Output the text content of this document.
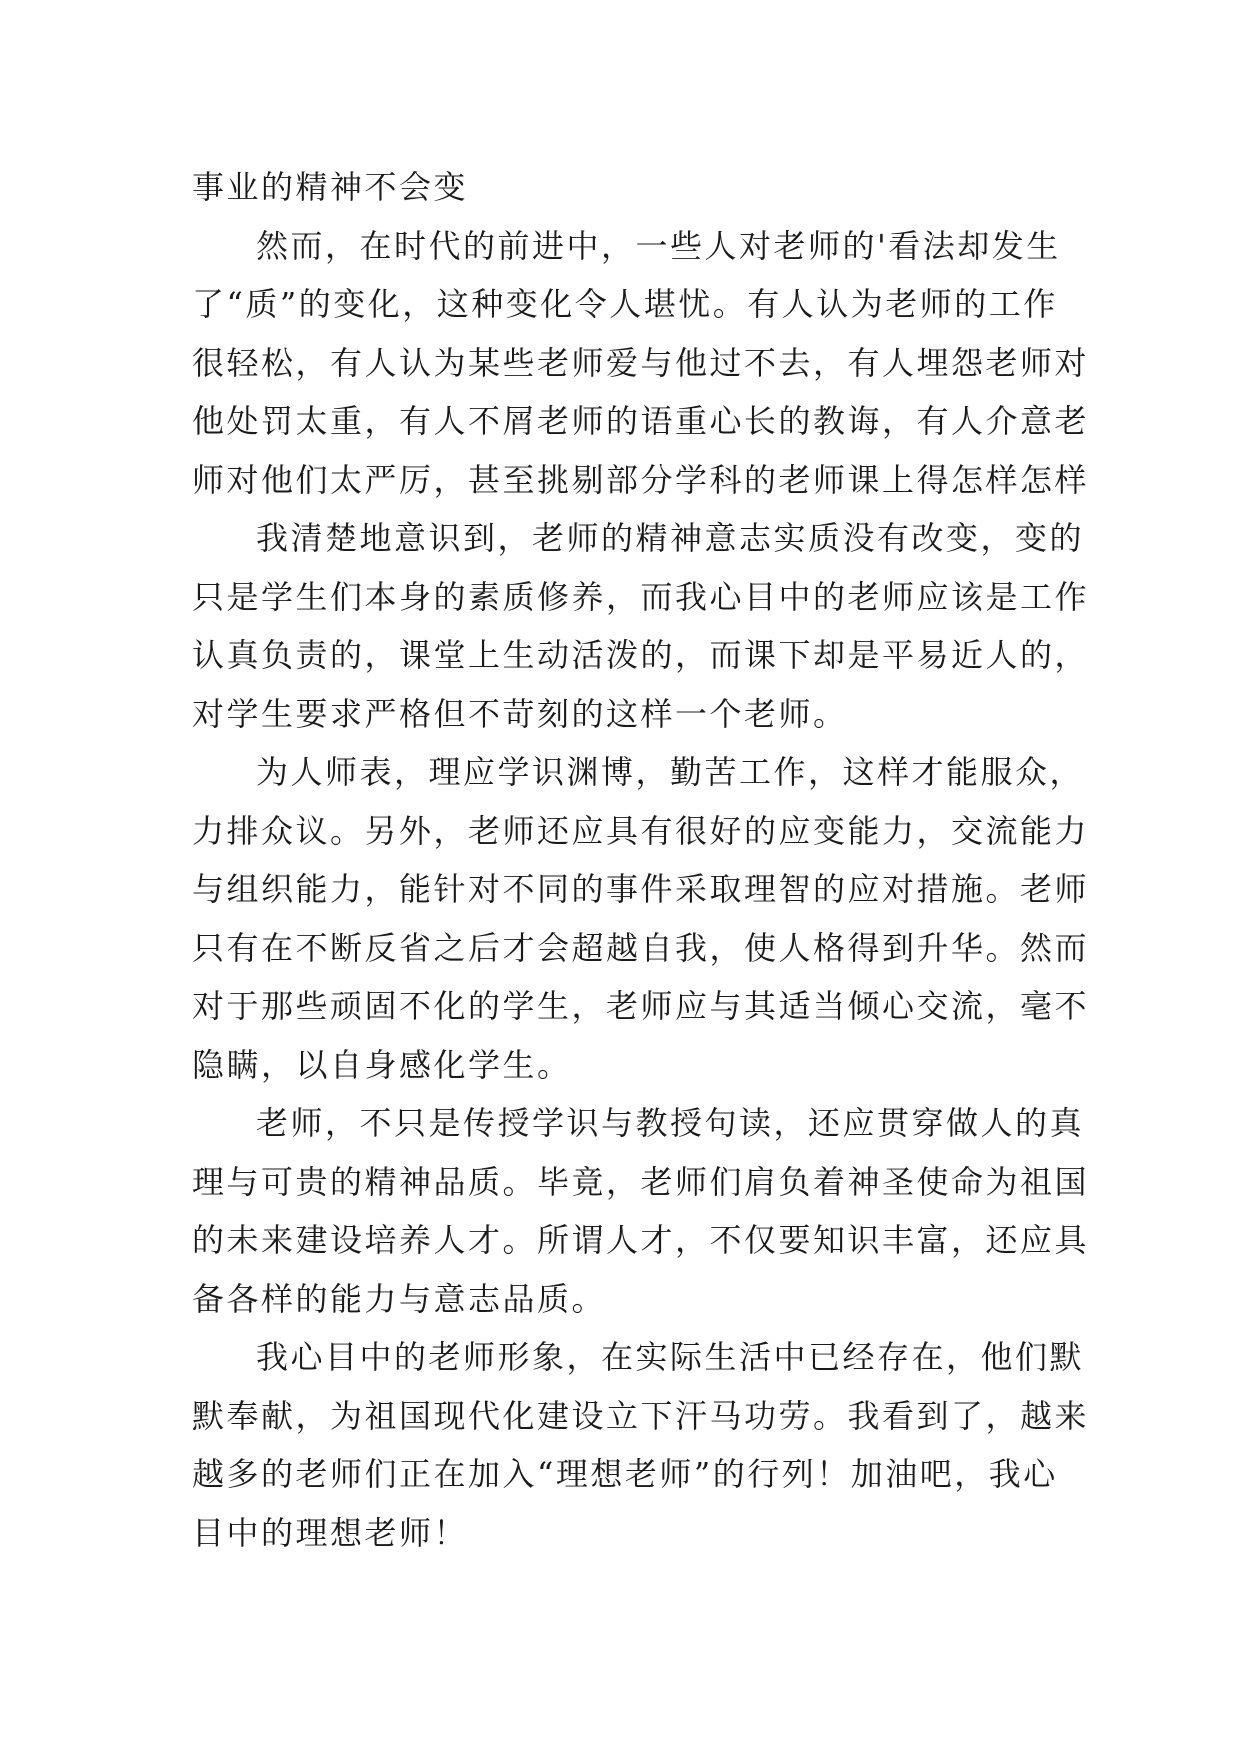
事业的精神不会变
然而，在时代的前进中，一些人对老师的'看法却发生
了“质”的变化，这种变化令人堪忧。有人认为老师的工作
很轻松，有人认为某些老师爱与他过不去，有人埋怨老师对
他处罚太重，有人不屑老师的语重心长的教诲，有人介意老
师对他们太严厉，甚至挑剔部分学科的老师课上得怎样怎样
我清楚地意识到，老师的精神意志实质没有改变，变的
只是学生们本身的素质修养，而我心目中的老师应该是工作
认真负责的，课堂上生动活泼的，而课下却是平易近人的，
对学生要求严格但不苛刻的这样一个老师。
为人师表，理应学识渊博，勤苦工作，这样才能服众，
力排众议。另外，老师还应具有很好的应变能力，交流能力
与组织能力，能针对不同的事件采取理智的应对措施。老师
只有在不断反省之后才会超越自我，使人格得到升华。然而
对于那些顽固不化的学生，老师应与其适当倾心交流，毫不
隐瞒，以自身感化学生。
老师，不只是传授学识与教授句读，还应贯穿做人的真
理与可贵的精神品质。毕竟，老师们肩负着神圣使命为祖国
的未来建设培养人才。所谓人才，不仅要知识丰富，还应具
备各样的能力与意志品质。
我心目中的老师形象，在实际生活中已经存在，他们默
默奉献，为祖国现代化建设立下汗马功劳。我看到了，越来
越多的老师们正在加入“理想老师”的行列！加油吧，我心
目中的理想老师！
